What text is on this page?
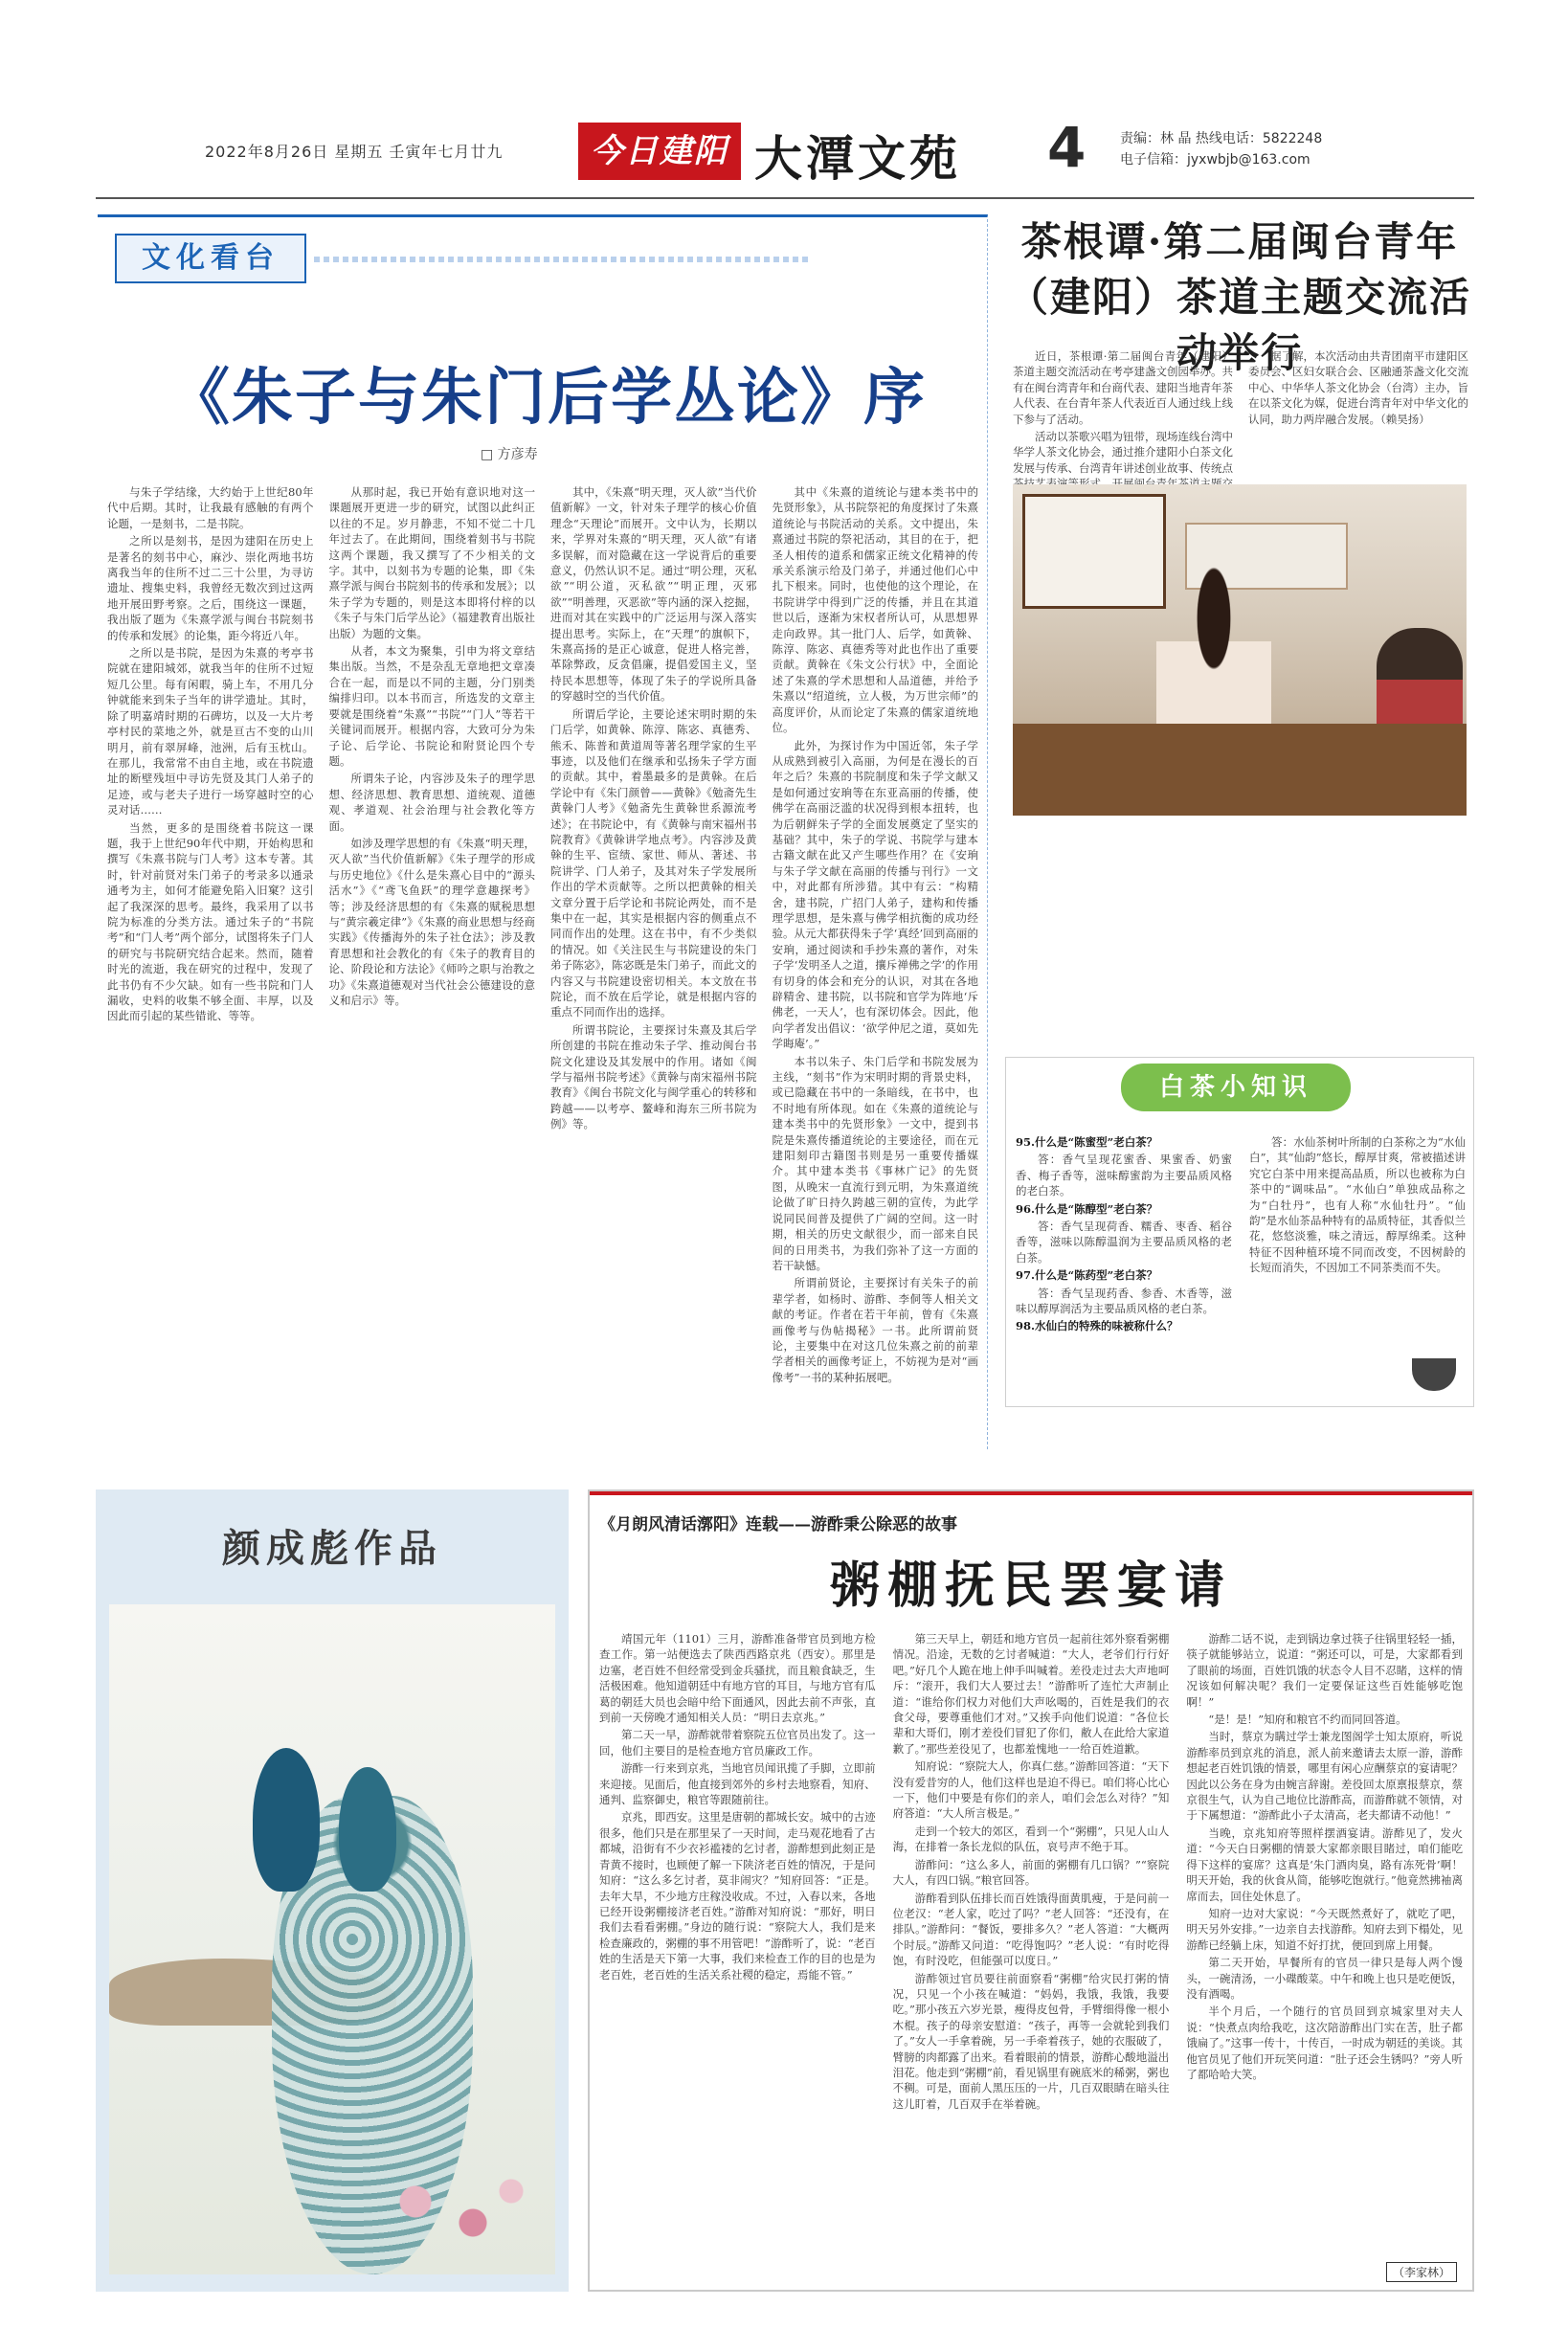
2022年8月26日 星期五 壬寅年七月廿九	今日建阳 大潭文苑 4	责编：林 晶 热线电话：5822248
电子信箱：jyxwbjb@163.com
文化看台
《朱子与朱门后学丛论》序
□ 方彦寿

与朱子学结缘，大约始于上世纪80年代中后期。其时，让我最有感触的有两个论题，一是刻书，二是书院。

之所以是刻书，是因为建阳在历史上是著名的刻书中心，麻沙、崇化两地书坊离我当年的住所不过二三十公里，为寻访遗址、搜集史料，我曾经无数次到过这两地开展田野考察。之后，围绕这一课题，我出版了题为《朱熹学派与闽台书院刻书的传承和发展》的论集，距今将近八年。

之所以是书院，是因为朱熹的考亭书院就在建阳城郊，就我当年的住所不过短短几公里。每有闲暇，骑上车，不用几分钟就能来到朱子当年的讲学遗址。其时，除了明嘉靖时期的石碑坊，以及一大片考亭村民的菜地之外，就是亘古不变的山川明月，前有翠屏峰，池洲，后有玉枕山。在那儿，我常常不由自主地，或在书院遗址的断壁残垣中寻访先贤及其门人弟子的足迹，或与老夫子进行一场穿越时空的心灵对话……

当然，更多的是围绕着书院这一课题，我于上世纪90年代中期，开始构思和撰写《朱熹书院与门人考》这本专著。其时，针对前贤对朱门弟子的考录多以通录通考为主，如何才能避免陷入旧窠？这引起了我深深的思考。最终，我采用了以书院为标准的分类方法。通过朱子的“书院考”和“门人考”两个部分，试图将朱子门人的研究与书院研究结合起来。然而，随着时光的流逝，我在研究的过程中，发现了此书仍有不少欠缺。如有一些书院和门人漏收，史料的收集不够全面、丰厚，以及因此而引起的某些错讹、等等。

从那时起，我已开始有意识地对这一课题展开更进一步的研究，试图以此纠正以往的不足。岁月静悲，不知不觉二十几年过去了。在此期间，围绕着刻书与书院这两个课题，我又撰写了不少相关的文字。其中，以刻书为专题的论集，即《朱熹学派与闽台书院刻书的传承和发展》；以朱子学为专题的，则是这本即将付梓的以《朱子与朱门后学丛论》（福建教育出版社出版）为题的文集。

从者，本文为聚集，引申为将文章结集出版。当然，不是杂乱无章地把文章凑合在一起，而是以不同的主题，分门别类编排归印。以本书而言，所选发的文章主要就是围绕着“朱熹”“书院”“门人”等若干关键词而展开。根据内容，大致可分为朱子论、后学论、书院论和附贤论四个专题。

所谓朱子论，内容涉及朱子的理学思想、经济思想、教育思想、道统观、道德观、孝道观、社会治理与社会教化等方面。

如涉及理学思想的有《朱熹“明天理，灭人欲”当代价值新解》《朱子理学的形成与历史地位》《什么是朱熹心目中的“源头活水”》《“鸢飞鱼跃”的理学意趣探考》等；涉及经济思想的有《朱熹的赋税思想与“黄宗羲定律”》《朱熹的商业思想与经商实践》《传播海外的朱子社仓法》；涉及教育思想和社会教化的有《朱子的教育目的论、阶段论和方法论》《师吟之职与治教之功》《朱熹道德观对当代社会公德建设的意义和启示》等。

其中，《朱熹“明天理，灭人欲”当代价值新解》一文，针对朱子理学的核心价值理念“天理论”而展开。文中认为，长期以来，学界对朱熹的“明天理，灭人欲”有诸多误解，而对隐藏在这一学说背后的重要意义，仍然认识不足。通过“明公理，灭私欲”“明公道，灭私欲”“明正理，灭邪欲”“明善理，灭恶欲”等内涵的深入挖掘，进而对其在实践中的广泛运用与深入落实提出思考。实际上，在“天理”的旗帜下，朱熹高扬的是正心诚意，促进人格完善，革除弊政，反贪倡廉，提倡爱国主义，坚持民本思想等，体现了朱子的学说所具备的穿越时空的当代价值。

所谓后学论，主要论述宋明时期的朱门后学，如黄榦、陈淳、陈宓、真德秀、熊禾、陈普和黄道周等著名理学家的生平事迹，以及他们在继承和弘扬朱子学方面的贡献。其中，着墨最多的是黄榦。在后学论中有《朱门颜曾——黄榦》《勉斋先生黄榦门人考》《勉斋先生黄榦世系源流考述》；在书院论中，有《黄榦与南宋福州书院教育》《黄榦讲学地点考》。内容涉及黄榦的生平、宦绩、家世、师从、著述、书院讲学、门人弟子，及其对朱子学发展所作出的学术贡献等。之所以把黄榦的相关文章分置于后学论和书院论两处，而不是集中在一起，其实是根据内容的侧重点不同而作出的处理。这在书中，有不少类似的情况。如《关注民生与书院建设的朱门弟子陈宓》，陈宓既是朱门弟子，而此文的内容又与书院建设密切相关。本文放在书院论，而不放在后学论，就是根据内容的重点不同而作出的选择。

所谓书院论，主要探讨朱熹及其后学所创建的书院在推动朱子学、推动闽台书院文化建设及其发展中的作用。诸如《闽学与福州书院考述》《黄榦与南宋福州书院教育》《闽台书院文化与闽学重心的转移和跨越——以考亭、鳌峰和海东三所书院为例》等。

其中《朱熹的道统论与建本类书中的先贤形象》，从书院祭祀的角度探讨了朱熹道统论与书院活动的关系。文中提出，朱熹通过书院的祭祀活动，其目的在于，把圣人相传的道系和儒家正统文化精神的传承关系演示给及门弟子，并通过他们心中扎下根来。同时，也使他的这个理论，在书院讲学中得到广泛的传播，并且在其道世以后，逐渐为宋权者所认可，从思想界走向政界。其一批门人、后学，如黄榦、陈淳、陈宓、真德秀等对此也作出了重要贡献。黄榦在《朱文公行状》中，全面论述了朱熹的学术思想和人品道德，并给予朱熹以“绍道统，立人极，为万世宗师”的高度评价，从而论定了朱熹的儒家道统地位。

此外，为探讨作为中国近邻，朱子学从成熟到被引入高丽，为何是在漫长的百年之后？朱熹的书院制度和朱子学文献又是如何通过安珦等在东亚高丽的传播，使佛学在高丽泛滥的状况得到根本扭转，也为后朝鲜朱子学的全面发展奠定了坚实的基础？其中，朱子的学说、书院学与建本古籍文献在此又产生哪些作用？在《安珦与朱子学文献在高丽的传播与刊行》一文中，对此都有所涉猎。其中有云：“构精舍，建书院，广招门人弟子，建构和传播理学思想，是朱熹与佛学相抗衡的成功经验。从元大都获得朱子学‘真经’回到高丽的安珦，通过阅读和手抄朱熹的著作，对朱子学‘发明圣人之道，攘斥禅佛之学’的作用有切身的体会和充分的认识，对其在各地辟精舍、建书院，以书院和官学为阵地‘斥佛老，一天人’，也有深切体会。因此，他向学者发出倡议：‘欲学仲尼之道，莫如先学晦庵’。”

本书以朱子、朱门后学和书院发展为主线，“刻书”作为宋明时期的背景史料，或已隐藏在书中的一条暗线，在书中，也不时地有所体现。如在《朱熹的道统论与建本类书中的先贤形象》一文中，提到书院是朱熹传播道统论的主要途径，而在元建阳刻印古籍图书则是另一重要传播媒介。其中建本类书《事林广记》的先贤图，从晚宋一直流行到元明，为朱熹道统论做了旷日持久跨越三朝的宣传，为此学说同民间普及提供了广阔的空间。这一时期，相关的历史文献很少，而一部来自民间的日用类书，为我们弥补了这一方面的若干缺憾。

所谓前贤论，主要探讨有关朱子的前辈学者，如杨时、游酢、李侗等人相关文献的考证。作者在若干年前，曾有《朱熹画像考与伪帖揭秘》一书。此所谓前贤论，主要集中在对这几位朱熹之前的前辈学者相关的画像考证上，不妨视为是对“画像考”一书的某种拓展吧。

茶根谭·第二届闽台青年（建阳）茶道主题交流活动举行

近日，茶根谭·第二届闽台青年（建阳）茶道主题交流活动在考亭建盏文创园举办。共有在闽台湾青年和台商代表、建阳当地青年茶人代表、在台青年茶人代表近百人通过线上线下参与了活动。

活动以茶歌兴唱为钮带，现场连线台湾中华学人茶文化协会，通过推介建阳小白茶文化发展与传承、台湾青年讲述创业故事、传统点

据了解，本次活动由共青团南平市建阳区委员会、区妇女联合会、区融通茶盏文化交流中心、中华华人茶文化协会（台湾）主办，旨在以茶文化为媒，促进台湾青年对中华文化的认同，助力两岸融合发展。（赖昊扬）

白茶小知识

95.什么是“陈蜜型”老白茶？

答：香气呈现花蜜香、果蜜香、奶蜜香、梅子香等，滋味醇蜜韵为主要品质风格的老白茶。

96.什么是“陈醇型”老白茶？

答：香气呈现荷香、糯香、枣香、稻谷香等，滋味以陈醇温润为主要品质风格的老白茶。

97.什么是“陈药型”老白茶？

答：香气呈现药香、参香、木香等，滋味以醇厚润活为主要品质风格的老白茶。

98.水仙白的特殊的味被称什么？

答：水仙茶树叶所制的白茶称之为“水仙白”，其“仙韵”悠长，醇厚甘爽，常被描述讲究它白茶中用来提高品质，所以也被称为白茶中的“调味品”。“水仙白”单独成品称之为“白牡丹”，也有人称“水仙牡丹”。“仙韵”是水仙茶品种特有的品质特征，其香似兰花，悠悠淡雅，味之清远，醇厚绵柔。这种特征不因种植环境不同而改变，不因树龄的长短而消失，不因加工不同茶类而不失。

颜成彪作品
《月朗风清话漷阳》连载——游酢秉公除恶的故事
粥棚抚民罢宴请

靖国元年（1101）三月，游酢准备带官员到地方检查工作。第一站便选去了陕西西路京兆（西安）。那里是边塞，老百姓不但经常受到金兵骚扰，而且粮食缺乏，生活极困难。他知道朝廷中有地方官的耳目，与地方官有瓜葛的朝廷大员也会暗中给下面通风，因此去前不声张，直到前一天傍晚才通知相关人员：“明日去京兆。”

第二天一早，游酢就带着察院五位官员出发了。这一回，他们主要目的是检查地方官员廉政工作。

游酢一行来到京兆，当地官员闻讯揽了手脚，立即前来迎接。见面后，他直接到郊外的乡村去地察看，知府、通判、监察御史，粮官等跟随前往。

京兆，即西安。这里是唐朝的都城长安。城中的古迹很多，他们只是在那里呆了一天时间，走马观花地看了古都城，沿街有不少衣衫褴褛的乞讨者，游酢想到此刻正是青黄不接时，也顾便了解一下陕济老百姓的情况，于是问知府：“这么多乞讨者，莫非闹灾？”知府回答：“正是。去年大旱，不少地方庄稼没收成。不过，入春以来，各地已经开设粥棚接济老百姓。”游酢对知府说：“那好，明日我们去看看粥棚。”身边的随行说：“察院大人，我们是来检查廉政的，粥棚的事不用管吧！”游酢听了，说：“老百姓的生活是天下第一大事，我们来检查工作的目的也是为老百姓，老百姓的生活关系社稷的稳定，焉能不管。”

第三天早上，朝廷和地方官员一起前往郊外察看粥棚情况。沿途，无数的乞讨者喊道：“大人，老爷们行行好吧。”好几个人跪在地上伸手叫喊着。差役走过去大声地呵斥：“滚开，我们大人要过去！”游酢听了连忙大声制止道：“谁给你们权力对他们大声吆喝的，百姓是我们的衣食父母，要尊重他们才对。”又挨手向他们说道：“各位长辈和大哥们，刚才差役们冒犯了你们，敝人在此给大家道歉了。”那些差役见了，也都羞愧地一一给百姓道歉。

知府说：“察院大人，你真仁慈。”游酢回答道：“天下没有爱昔穷的人，他们这样也是迫不得已。咱们将心比心一下，他们中要是有你们的亲人，咱们会怎么对待？”知府答道：“大人所言极是。”

走到一个较大的郊区，看到一个“粥棚”，只见人山人海，在排着一条长龙似的队伍，哀号声不绝于耳。

游酢问：“这么多人，前面的粥棚有几口锅？”“察院大人，有四口锅。”粮官回答。

游酢看到队伍排长而百姓饿得面黄肌瘦，于是问前一位老汉：“老人家，吃过了吗？”老人回答：“还没有，在排队。”游酢问：“餐饭，要排多久？”老人答道：“大概两个时辰。”游酢又问道：“吃得饱吗？”老人说：“有时吃得饱，有时没吃，但能强可以度日。”

游酢领过官员要往前面察看“粥棚”给灾民打粥的情况，只见一个小孩在喊道：“妈妈，我饿，我饿，我要吃。”那小孩五六岁光景，瘦得皮包骨，手臂细得像一根小木棍。孩子的母亲安慰道：“孩子，再等一会就轮到我们了。”女人一手拿着碗，另一手牵着孩子，她的衣服破了，臂膀的肉都露了出来。看着眼前的情景，游酢心酸地溢出泪花。他走到“粥棚”前，看见锅里有碗底米的稀粥，粥也不稠。可是，面前人黑压压的一片，几百双眼睛在暗头往这儿盯着，几百双手在举着碗。

游酢二话不说，走到锅边拿过筷子往锅里轻轻一插，筷子就能够站立，说道：“粥还可以，可是，大家都看到了眼前的场面，百姓饥饿的状态令人目不忍睹，这样的情况该如何解决呢？我们一定要保证这些百姓能够吃饱啊！”

“是！是！”知府和粮官不约而同回答道。

当时，蔡京为瞒过学士兼龙图阁学士知太原府，听说游酢率员到京兆的消息，派人前来邀请去太原一游，游酢想起老百姓饥饿的情景，哪里有闲心应酬蔡京的宴请呢？因此以公务在身为由婉言辞谢。差役回太原禀报蔡京，蔡京很生气，认为自己地位比游酢高，而游酢就不领情，对于下属想道：“游酢此小子太清高，老夫都请不动他！”

当晚，京兆知府等照样摆酒宴请。游酢见了，发火道：“今天白日粥棚的情景大家都亲眼目睹过，咱们能吃得下这样的宴席？这真是‘朱门酒肉臭，路有冻死骨’啊！明天开始，我的伙食从简，能够吃饱就行。”他竟然拂袖离席而去，回住处休息了。

知府一边对大家说：“今天既然煮好了，就吃了吧，明天另外安排。”一边亲自去找游酢。知府去到下榻处，见游酢已经躺上床，知道不好打扰，便回到席上用餐。

第二天开始，早餐所有的官员一律只是每人两个馒头，一碗清汤，一小碟酸菜。中午和晚上也只是吃便饭，没有酒喝。

半个月后，一个随行的官员回到京城家里对夫人说：“快煮点肉给我吃，这次陪游酢出门实在苦，肚子都饿扁了。”这事一传十，十传百，一时成为朝廷的美谈。其他官员见了他们开玩笑问道：“肚子还会生锈吗？”旁人听了都哈哈大笑。

（李家林）
